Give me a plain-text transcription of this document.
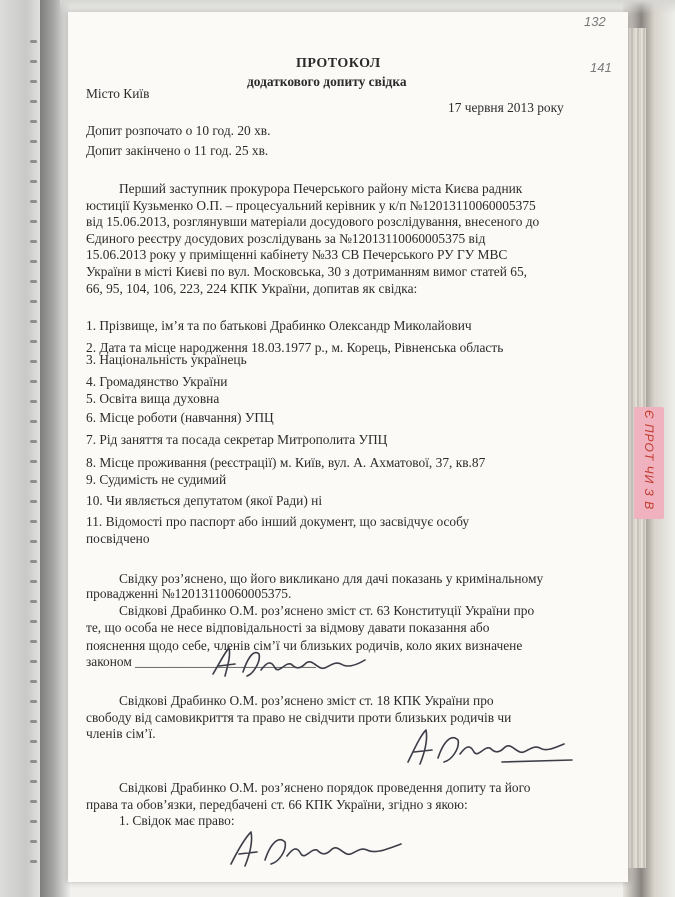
Є ПРОТ ЧИ З В
132
141
ПРОТОКОЛ
додаткового допиту свідка
Місто Київ
17 червня 2013 року
Допит розпочато о 10 год. 20 хв.
Допит закінчено о 11 год. 25 хв.
Перший заступник прокурора Печерського району міста Києва радник
юстиції Кузьменко О.П. – процесуальний керівник у к/п №12013110060005375
від 15.06.2013, розглянувши матеріали досудового розслідування, внесеного до
Єдиного реєстру досудових розслідувань за №12013110060005375 від
15.06.2013 року у приміщенні кабінету №33 СВ Печерського РУ ГУ МВС
України в місті Києві по вул. Московська, 30 з дотриманням вимог статей 65,
66, 95, 104, 106, 223, 224 КПК України, допитав як свідка:
1. Прізвище, ім’я та по батькові Драбинко Олександр Миколайович
2. Дата та місце народження 18.03.1977 р., м. Корець, Рівненська область
3. Національність українець
4. Громадянство України
5. Освіта вища духовна
6. Місце роботи (навчання) УПЦ
7. Рід заняття та посада секретар Митрополита УПЦ
8. Місце проживання (реєстрації) м. Київ, вул. А. Ахматової, 37, кв.87
9. Судимість не судимий
10. Чи являється депутатом (якої Ради) ні
11. Відомості про паспорт або інший документ, що засвідчує особу
посвідчено
Свідку роз’яснено, що його викликано для дачі показань у кримінальному
провадженні №12013110060005375.
Свідкові Драбинко О.М. роз’яснено зміст ст. 63 Конституції України про
те, що особа не несе відповідальності за відмову давати показання або
пояснення щодо себе, членів сім’ї чи близьких родичів, коло яких визначене
законом ___________________________
Свідкові Драбинко О.М. роз’яснено зміст ст. 18 КПК України про
свободу від самовикриття та право не свідчити проти близьких родичів чи
членів сім’ї.
Свідкові Драбинко О.М. роз’яснено порядок проведення допиту та його
права та обов’язки, передбачені ст. 66 КПК України, згідно з якою:
1. Свідок має право:
